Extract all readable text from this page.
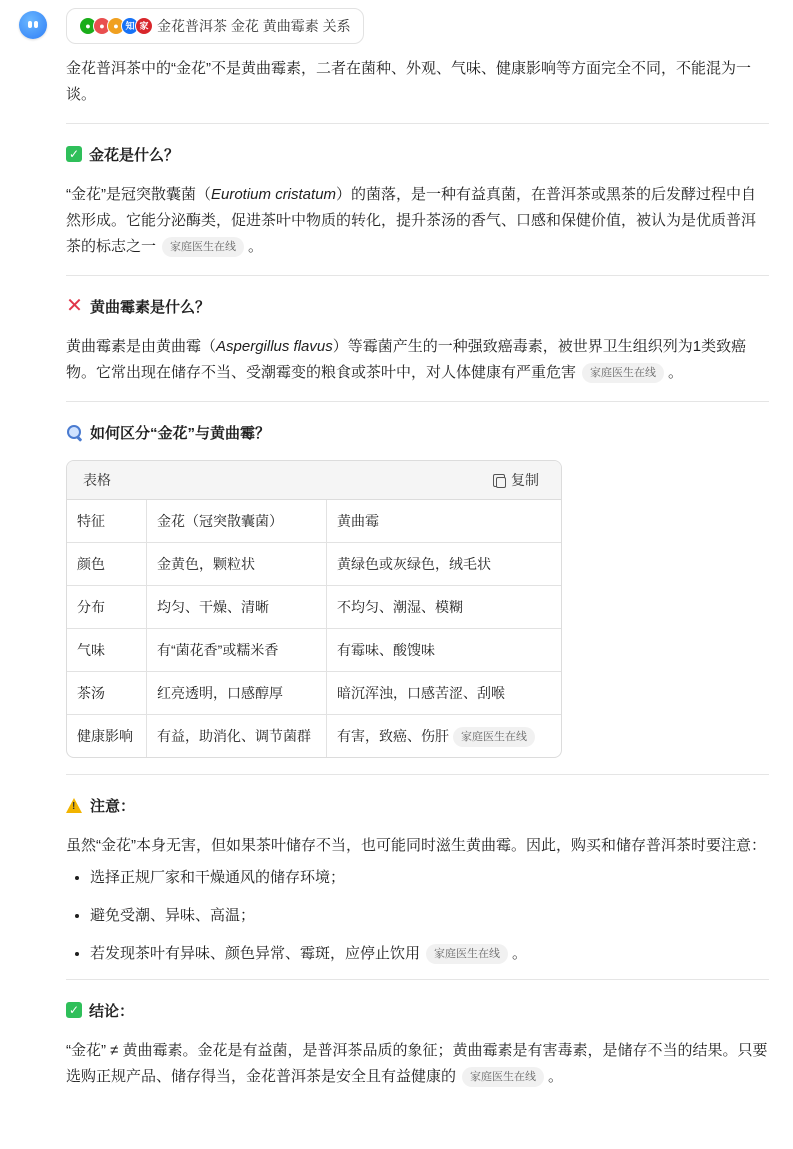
● ● ● 知 家 金花普洱茶 金花 黄曲霉素 关系

金花普洱茶中的“金花”不是黄曲霉素，二者在菌种、外观、气味、健康影响等方面完全不同，不能混为一谈。

✓ 金花是什么？

“金花”是冠突散囊菌（Eurotium cristatum）的菌落，是一种有益真菌，在普洱茶或黑茶的后发酵过程中自然形成。它能分泌酶类，促进茶叶中物质的转化，提升茶汤的香气、口感和保健价值，被认为是优质普洱茶的标志之一 家庭医生在线 。

✕ 黄曲霉素是什么？

黄曲霉素是由黄曲霉（Aspergillus flavus）等霉菌产生的一种强致癌毒素，被世界卫生组织列为1类致癌物。它常出现在储存不当、受潮霉变的粮食或茶叶中，对人体健康有严重危害 家庭医生在线 。

如何区分“金花”与黄曲霉？
表格	复制
特征	金花（冠突散囊菌）	黄曲霉
颜色	金黄色，颗粒状	黄绿色或灰绿色，绒毛状
分布	均匀、干燥、清晰	不均匀、潮湿、模糊
气味	有“菌花香”或糯米香	有霉味、酸馊味
茶汤	红亮透明，口感醇厚	暗沉浑浊，口感苦涩、刮喉
健康影响	有益，助消化、调节菌群	有害，致癌、伤肝 家庭医生在线
! 注意：

虽然“金花”本身无害，但如果茶叶储存不当，也可能同时滋生黄曲霉。因此，购买和储存普洱茶时要注意：

• 选择正规厂家和干燥通风的储存环境；
• 避免受潮、异味、高温；
• 若发现茶叶有异味、颜色异常、霉斑，应停止饮用 家庭医生在线 。
✓ 结论：

“金花” ≠ 黄曲霉素。金花是有益菌，是普洱茶品质的象征；黄曲霉素是有害毒素，是储存不当的结果。只要选购正规产品、储存得当，金花普洱茶是安全且有益健康的 家庭医生在线 。
